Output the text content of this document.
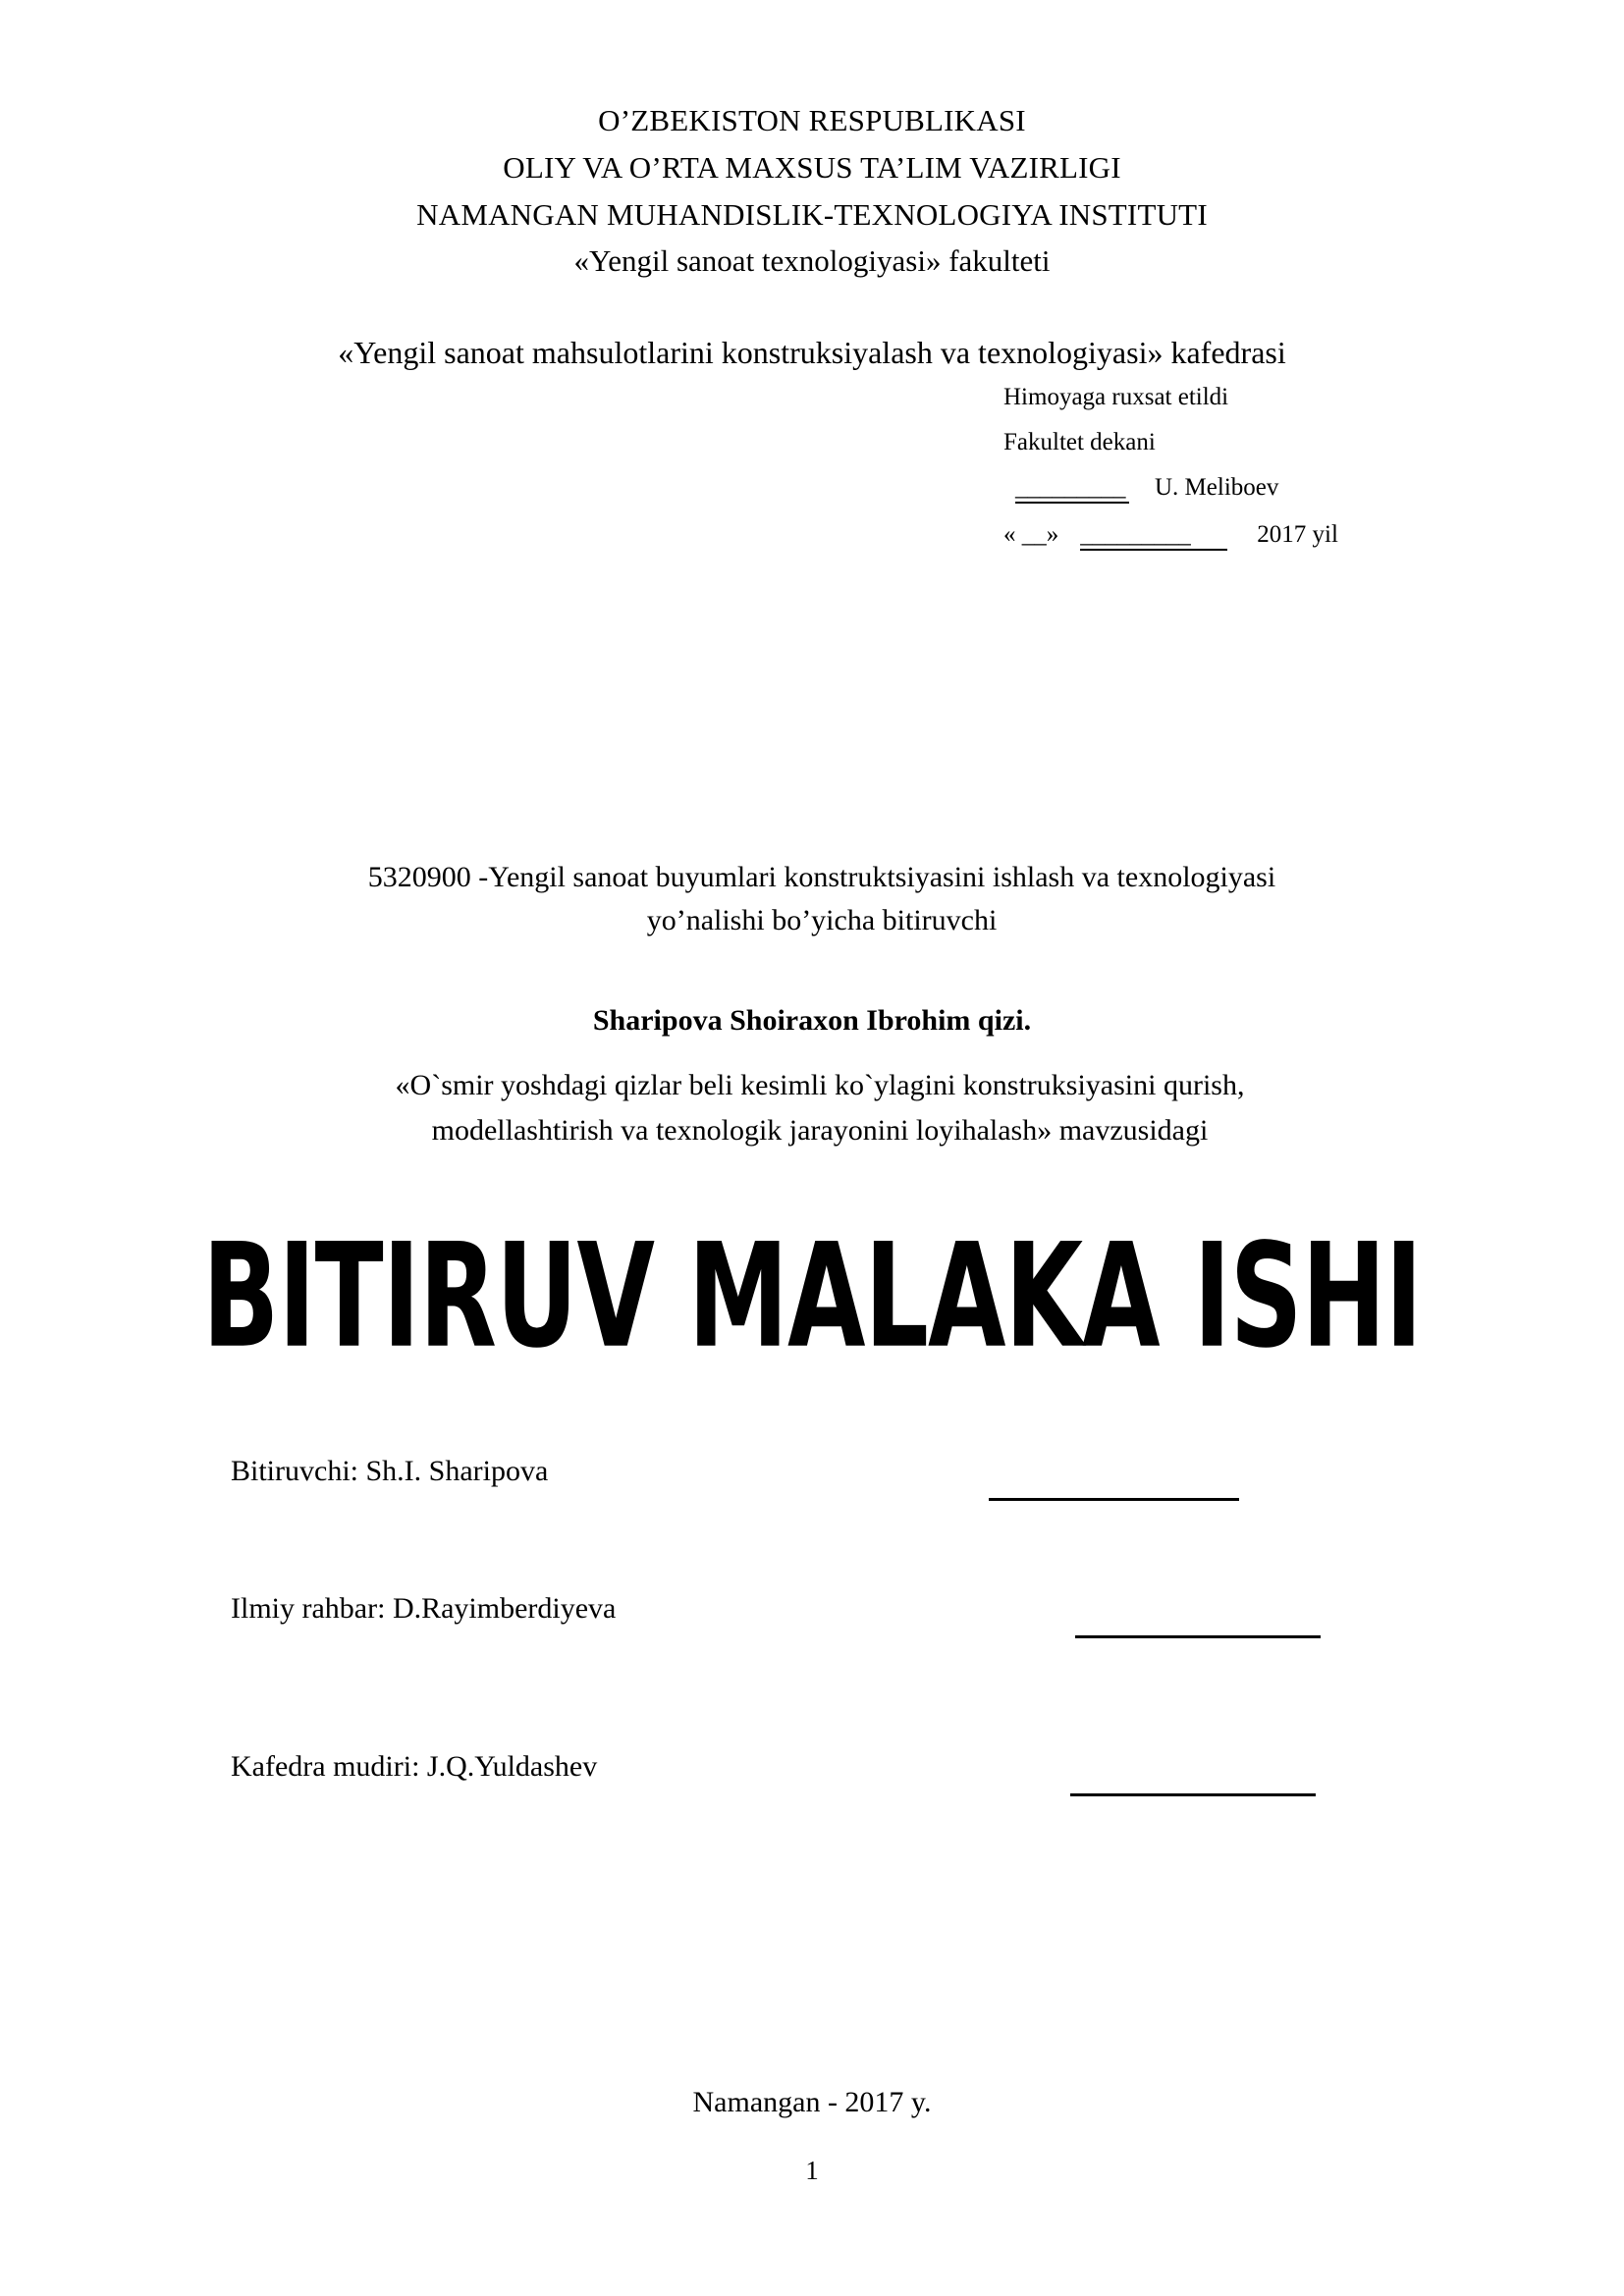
O’ZBEKISTON RESPUBLIKASI
OLIY VA O’RTA MAXSUS TA’LIM VAZIRLIGI
NAMANGAN MUHANDISLIK-TEXNOLOGIYA INSTITUTI
«Yengil sanoat texnologiyasi» fakulteti
«Yengil sanoat mahsulotlarini konstruksiyalash va texnologiyasi» kafedrasi
Himoyaga ruxsat etildi
Fakultet dekani
_________ U. Meliboev
« __» _________	2017 yil
5320900 -Yengil sanoat buyumlari konstruktsiyasini ishlash va texnologiyasi
yo’nalishi bo’yicha bitiruvchi
Sharipova Shoiraxon Ibrohim qizi.
«O`smir yoshdagi qizlar beli kesimli ko`ylagini konstruksiyasini qurish,
modellashtirish va texnologik jarayonini loyihalash» mavzusidagi
BITIRUV MALAKA ISHI
Bitiruvchi: Sh.I. Sharipova
Ilmiy rahbar: D.Rayimberdiyeva
Kafedra mudiri: J.Q.Yuldashev
Namangan - 2017 y.
1
